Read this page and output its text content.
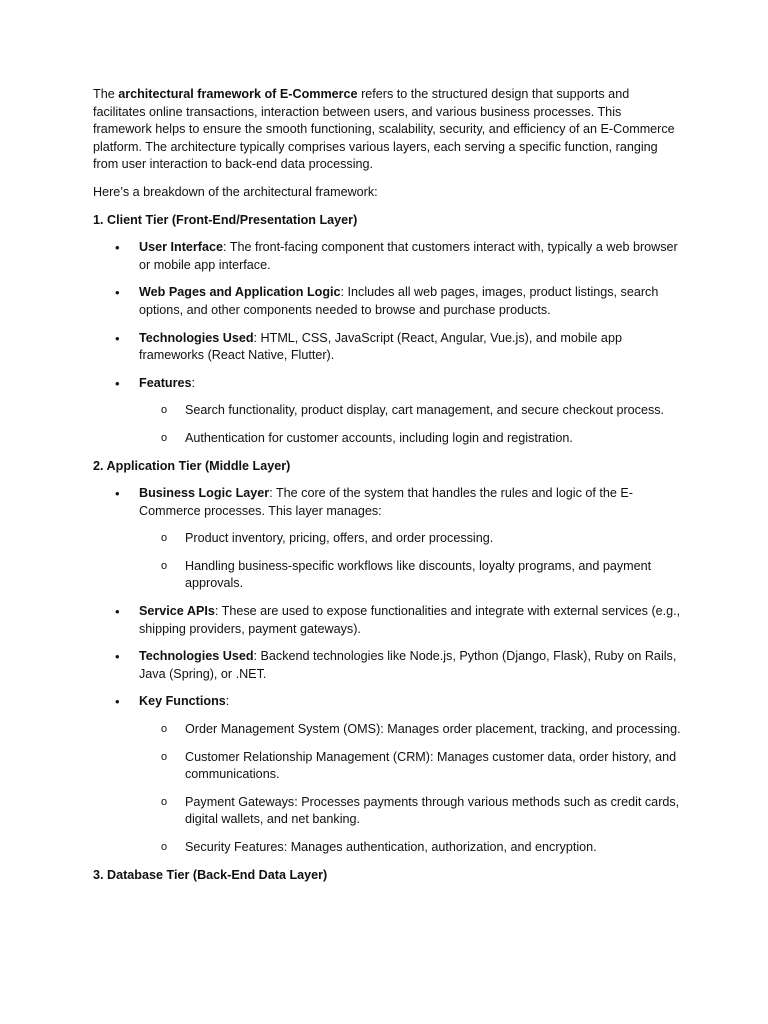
The architectural framework of E-Commerce refers to the structured design that supports and facilitates online transactions, interaction between users, and various business processes. This framework helps to ensure the smooth functioning, scalability, security, and efficiency of an E-Commerce platform. The architecture typically comprises various layers, each serving a specific function, ranging from user interaction to back-end data processing.

Here’s a breakdown of the architectural framework:

1. Client Tier (Front-End/Presentation Layer)

• User Interface: The front-facing component that customers interact with, typically a web browser or mobile app interface.
• Web Pages and Application Logic: Includes all web pages, images, product listings, search options, and other components needed to browse and purchase products.
• Technologies Used: HTML, CSS, JavaScript (React, Angular, Vue.js), and mobile app frameworks (React Native, Flutter).
• Features:
o Search functionality, product display, cart management, and secure checkout process.
o Authentication for customer accounts, including login and registration.

2. Application Tier (Middle Layer)

• Business Logic Layer: The core of the system that handles the rules and logic of the E-Commerce processes. This layer manages:
o Product inventory, pricing, offers, and order processing.
o Handling business-specific workflows like discounts, loyalty programs, and payment approvals.
• Service APIs: These are used to expose functionalities and integrate with external services (e.g., shipping providers, payment gateways).
• Technologies Used: Backend technologies like Node.js, Python (Django, Flask), Ruby on Rails, Java (Spring), or .NET.
• Key Functions:
o Order Management System (OMS): Manages order placement, tracking, and processing.
o Customer Relationship Management (CRM): Manages customer data, order history, and communications.
o Payment Gateways: Processes payments through various methods such as credit cards, digital wallets, and net banking.
o Security Features: Manages authentication, authorization, and encryption.

3. Database Tier (Back-End Data Layer)
